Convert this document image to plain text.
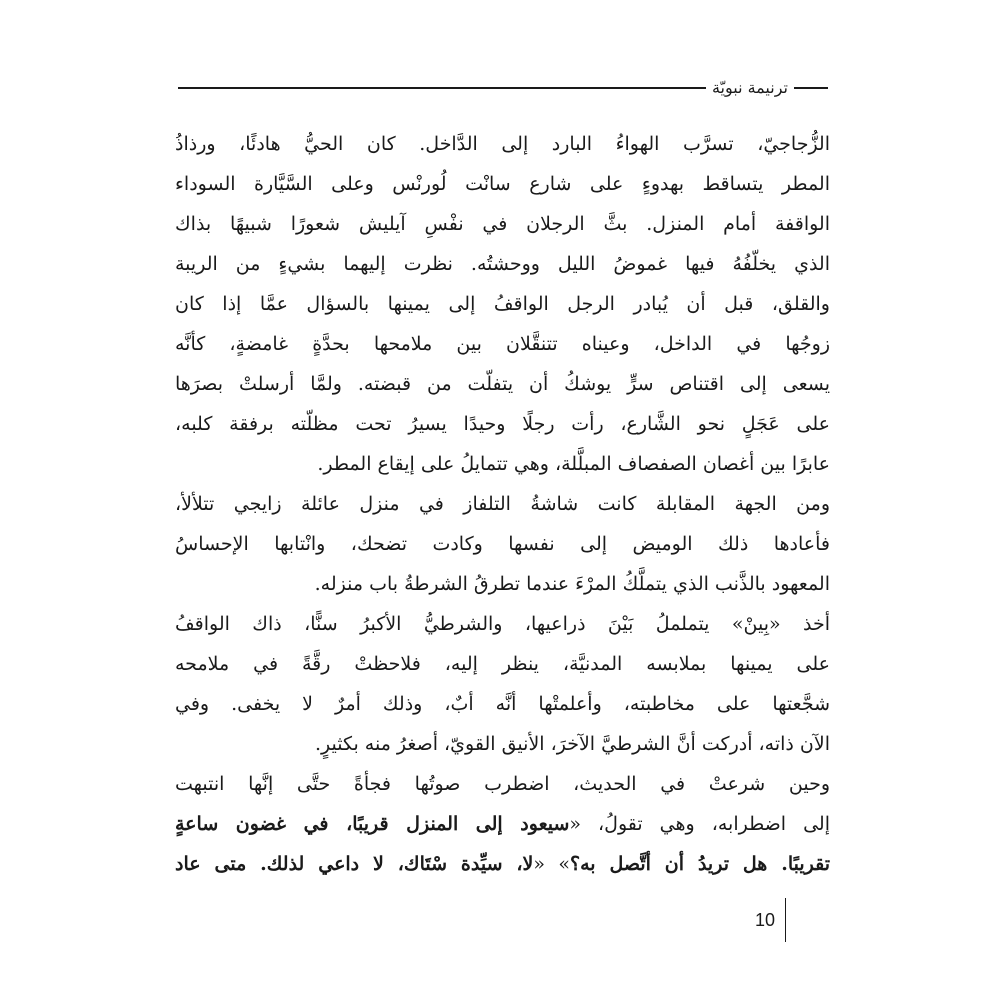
ترنيمة نبويّة
الزُّجاجيّ، تسرَّب الهواءُ البارد إلى الدَّاخل. كان الحيُّ هادئًا، ورذاذُ
المطر يتساقط بهدوءٍ على شارع سانْت لُورنْس وعلى السَّيَّارة السوداء
الواقفة أمام المنزل. بثَّ الرجلان في نفْسِ آيليش شعورًا شبيهًا بذاك
الذي يخلّفُهُ فيها غموضُ الليل ووحشتُه. نظرت إليهما بشيءٍ من الريبة
والقلق، قبل أن يُبادر الرجل الواقفُ إلى يمينها بالسؤال عمَّا إذا كان
زوجُها في الداخل، وعيناه تتنقَّلان بين ملامحها بحدَّةٍ غامضةٍ، كأنَّه
يسعى إلى اقتناص سرٍّ يوشكُ أن يتفلّت من قبضته. ولمَّا أرسلتْ بصرَها
على عَجَلٍ نحو الشَّارع، رأت رجلًا وحيدًا يسيرُ تحت مظلّته برفقة كلبه،
عابرًا بين أغصان الصفصاف المبلَّلة، وهي تتمايلُ على إيقاع المطر.
ومن الجهة المقابلة كانت شاشةُ التلفاز في منزل عائلة زايجي تتلألأ،
فأعادها ذلك الوميض إلى نفسها وكادت تضحك، وانْتابها الإحساسُ
المعهود بالذَّنب الذي يتملَّكُ المرْءَ عندما تطرقُ الشرطةُ باب منزله.
أخذ «بِينْ» يتململُ بَيْنَ ذراعيها، والشرطيُّ الأكبرُ سنًّا، ذاك الواقفُ
على يمينها بملابسه المدنيَّة، ينظر إليه، فلاحظتْ رقَّةً في ملامحه
شجَّعتها على مخاطبته، وأعلمتْها أنَّه أبٌ، وذلك أمرٌ لا يخفى. وفي
الآن ذاته، أدركت أنَّ الشرطيَّ الآخرَ، الأنيق القويّ، أصغرُ منه بكثيرٍ.
وحين شرعتْ في الحديث، اضطرب صوتُها فجأةً حتَّى إنَّها انتبهت
إلى اضطرابه، وهي تقولُ، «سيعود إلى المنزل قريبًا، في غضون ساعةٍ
تقريبًا. هل تريدُ أن أتَّصل به؟» «لا، سيِّدة سْتَاك، لا داعي لذلك. متى عاد
10
